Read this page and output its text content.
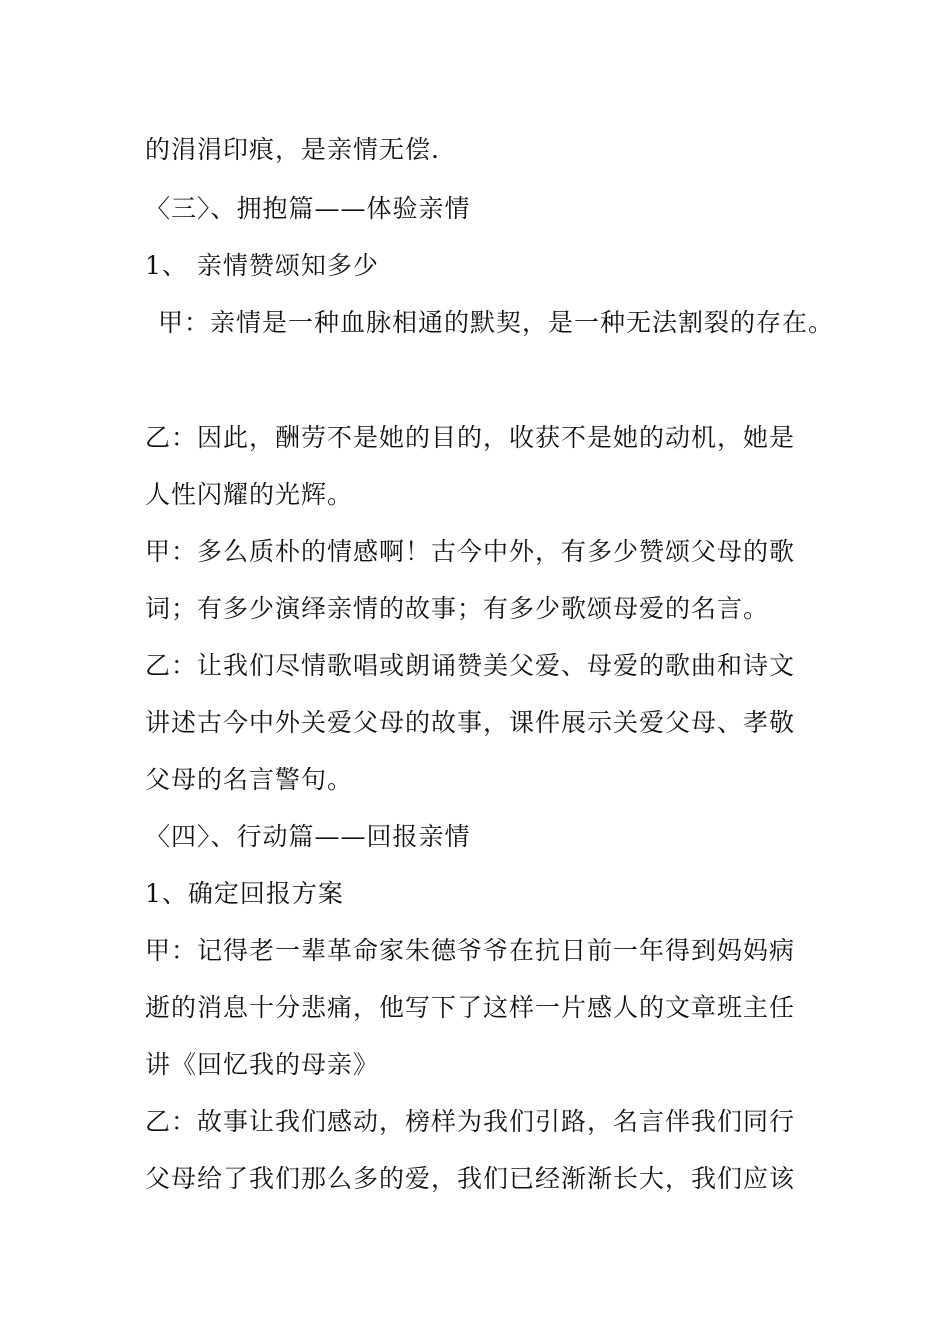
的涓涓印痕，是亲情无偿.
〈三〉、拥抱篇——体验亲情
1、 亲情赞颂知多少
甲：亲情是一种血脉相通的默契，是一种无法割裂的存在。
乙：因此，酬劳不是她的目的，收获不是她的动机，她是
人性闪耀的光辉。
甲：多么质朴的情感啊！古今中外，有多少赞颂父母的歌
词；有多少演绎亲情的故事；有多少歌颂母爱的名言。
乙：让我们尽情歌唱或朗诵赞美父爱、母爱的歌曲和诗文
讲述古今中外关爱父母的故事，课件展示关爱父母、孝敬
父母的名言警句。
〈四〉、行动篇——回报亲情
1、确定回报方案
甲：记得老一辈革命家朱德爷爷在抗日前一年得到妈妈病
逝的消息十分悲痛，他写下了这样一片感人的文章班主任
讲《回忆我的母亲》
乙：故事让我们感动，榜样为我们引路，名言伴我们同行
父母给了我们那么多的爱，我们已经渐渐长大，我们应该
